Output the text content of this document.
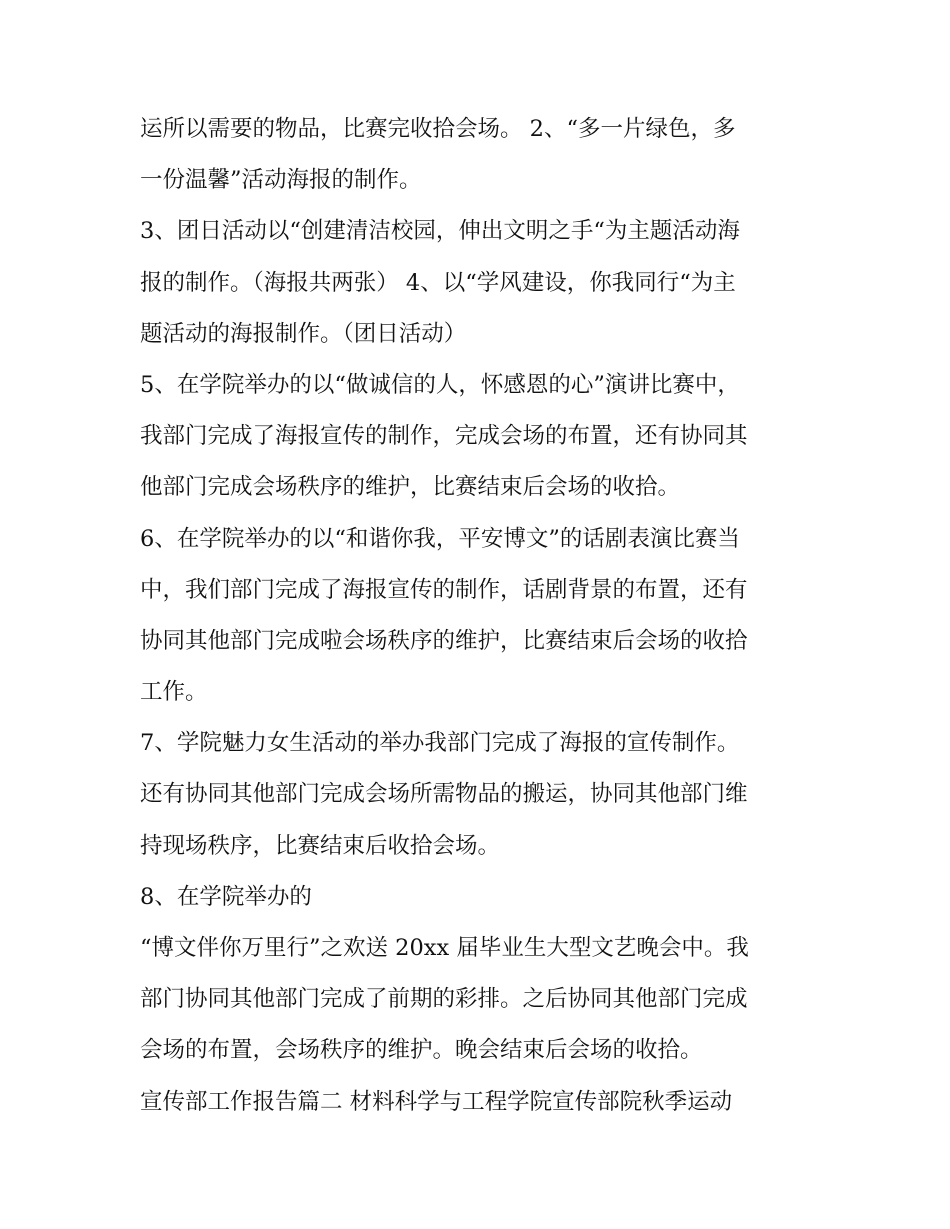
运所以需要的物品，比赛完收拾会场。 2、“多一片绿色，多
一份温馨”活动海报的制作。
3、团日活动以“创建清洁校园，伸出文明之手“为主题活动海
报的制作。（海报共两张） 4、以“学风建设，你我同行“为主
题活动的海报制作。（团日活动）
5、在学院举办的以“做诚信的人，怀感恩的心”演讲比赛中，
我部门完成了海报宣传的制作，完成会场的布置，还有协同其
他部门完成会场秩序的维护，比赛结束后会场的收拾。
6、在学院举办的以“和谐你我，平安博文”的话剧表演比赛当
中，我们部门完成了海报宣传的制作，话剧背景的布置，还有
协同其他部门完成啦会场秩序的维护，比赛结束后会场的收拾
工作。
7、学院魅力女生活动的举办我部门完成了海报的宣传制作。
还有协同其他部门完成会场所需物品的搬运，协同其他部门维
持现场秩序，比赛结束后收拾会场。
8、在学院举办的
“博文伴你万里行”之欢送 20xx 届毕业生大型文艺晚会中。我
部门协同其他部门完成了前期的彩排。之后协同其他部门完成
会场的布置，会场秩序的维护。晚会结束后会场的收拾。
宣传部工作报告篇二 材料科学与工程学院宣传部院秋季运动
